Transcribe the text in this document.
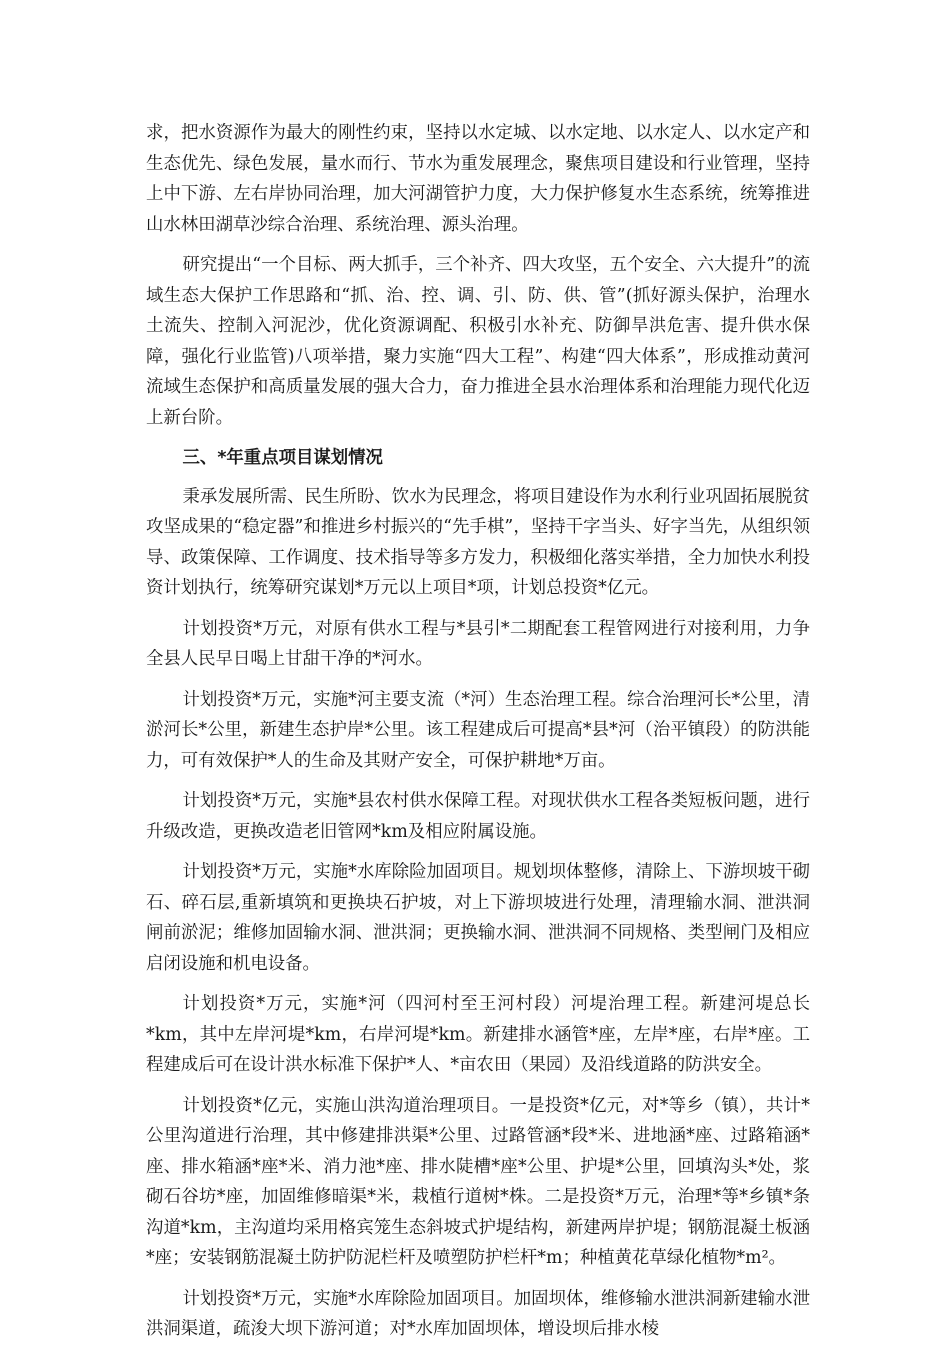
求，把水资源作为最大的刚性约束，坚持以水定城、以水定地、以水定人、以水定产和生态优先、绿色发展，量水而行、节水为重发展理念，聚焦项目建设和行业管理，坚持上中下游、左右岸协同治理，加大河湖管护力度，大力保护修复水生态系统，统筹推进山水林田湖草沙综合治理、系统治理、源头治理。

研究提出“一个目标、两大抓手，三个补齐、四大攻坚，五个安全、六大提升”的流域生态大保护工作思路和“抓、治、控、调、引、防、供、管”(抓好源头保护，治理水土流失、控制入河泥沙，优化资源调配、积极引水补充、防御旱洪危害、提升供水保障，强化行业监管)八项举措，聚力实施“四大工程”、构建“四大体系”，形成推动黄河流域生态保护和高质量发展的强大合力，奋力推进全县水治理体系和治理能力现代化迈上新台阶。

三、*年重点项目谋划情况

秉承发展所需、民生所盼、饮水为民理念，将项目建设作为水利行业巩固拓展脱贫攻坚成果的“稳定器”和推进乡村振兴的“先手棋”，坚持干字当头、好字当先，从组织领导、政策保障、工作调度、技术指导等多方发力，积极细化落实举措，全力加快水利投资计划执行，统筹研究谋划*万元以上项目*项，计划总投资*亿元。

计划投资*万元，对原有供水工程与*县引*二期配套工程管网进行对接利用，力争全县人民早日喝上甘甜干净的*河水。

计划投资*万元，实施*河主要支流（*河）生态治理工程。综合治理河长*公里，清淤河长*公里，新建生态护岸*公里。该工程建成后可提高*县*河（治平镇段）的防洪能力，可有效保护*人的生命及其财产安全，可保护耕地*万亩。

计划投资*万元，实施*县农村供水保障工程。对现状供水工程各类短板问题，进行升级改造，更换改造老旧管网*km及相应附属设施。

计划投资*万元，实施*水库除险加固项目。规划坝体整修，清除上、下游坝坡干砌石、碎石层,重新填筑和更换块石护坡，对上下游坝坡进行处理，清理输水洞、泄洪洞闸前淤泥；维修加固输水洞、泄洪洞；更换输水洞、泄洪洞不同规格、类型闸门及相应启闭设施和机电设备。

计划投资*万元，实施*河（四河村至王河村段）河堤治理工程。新建河堤总长*km，其中左岸河堤*km，右岸河堤*km。新建排水涵管*座，左岸*座，右岸*座。工程建成后可在设计洪水标准下保护*人、*亩农田（果园）及沿线道路的防洪安全。

计划投资*亿元，实施山洪沟道治理项目。一是投资*亿元，对*等乡（镇），共计*公里沟道进行治理，其中修建排洪渠*公里、过路管涵*段*米、进地涵*座、过路箱涵*座、排水箱涵*座*米、消力池*座、排水陡槽*座*公里、护堤*公里，回填沟头*处，浆砌石谷坊*座，加固维修暗渠*米，栽植行道树*株。二是投资*万元，治理*等*乡镇*条沟道*km，主沟道均采用格宾笼生态斜坡式护堤结构，新建两岸护堤；钢筋混凝土板涵*座；安装钢筋混凝土防护防泥栏杆及喷塑防护栏杆*m；种植黄花草绿化植物*m²。

计划投资*万元，实施*水库除险加固项目。加固坝体，维修输水泄洪洞新建输水泄洪洞渠道，疏浚大坝下游河道；对*水库加固坝体，增设坝后排水棱
